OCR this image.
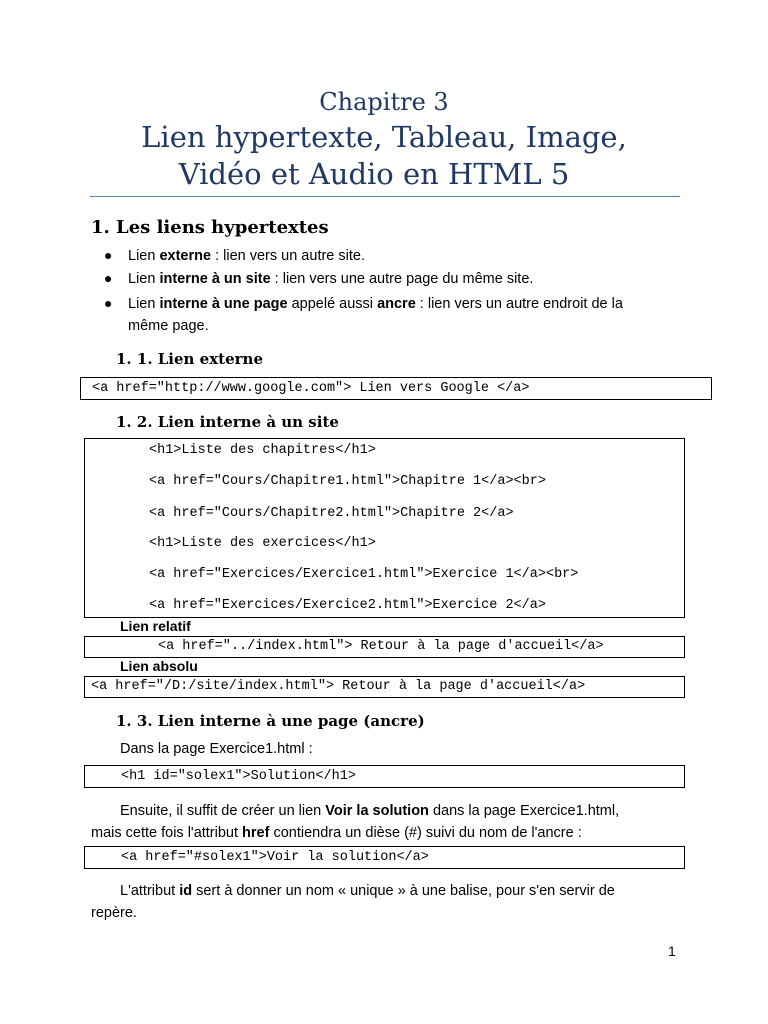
Chapitre 3
Lien hypertexte, Tableau, Image,
Vidéo et Audio en HTML 5
1. Les liens hypertextes
● Lien externe : lien vers un autre site.
● Lien interne à un site : lien vers une autre page du même site.
● Lien interne à une page appelé aussi ancre : lien vers un autre endroit de la
même page.
1. 1. Lien externe
<a href="http://www.google.com"> Lien vers Google </a>
1. 2. Lien interne à un site
<h1>Liste des chapitres</h1>
<a href="Cours/Chapitre1.html">Chapitre 1</a><br>
<a href="Cours/Chapitre2.html">Chapitre 2</a>
<h1>Liste des exercices</h1>
<a href="Exercices/Exercice1.html">Exercice 1</a><br>
<a href="Exercices/Exercice2.html">Exercice 2</a>
Lien relatif
<a href="../index.html"> Retour à la page d'accueil</a>
Lien absolu
<a href="/D:/site/index.html"> Retour à la page d'accueil</a>
1. 3. Lien interne à une page (ancre)
Dans la page Exercice1.html :
<h1 id="solex1">Solution</h1>
Ensuite, il suffit de créer un lien Voir la solution dans la page Exercice1.html,
mais cette fois l'attribut href contiendra un dièse (#) suivi du nom de l'ancre :
<a href="#solex1">Voir la solution</a>
L'attribut id sert à donner un nom « unique » à une balise, pour s'en servir de
repère.
1
